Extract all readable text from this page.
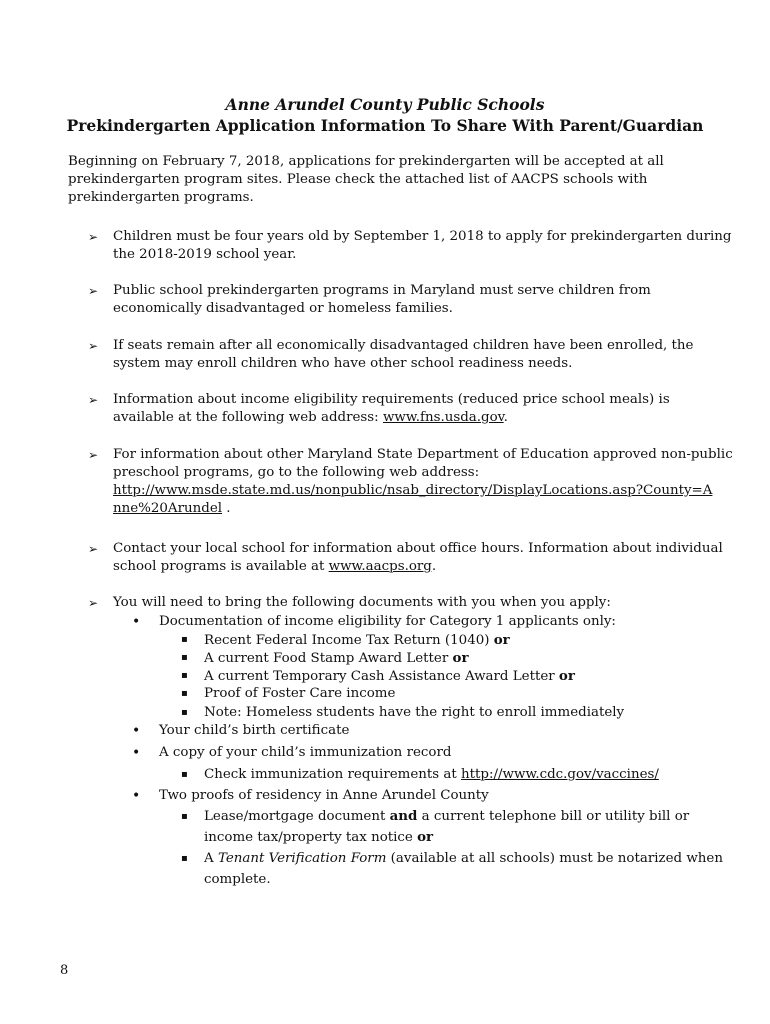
Anne Arundel County Public Schools
Prekindergarten Application Information To Share With Parent/Guardian
Beginning on February 7, 2018, applications for prekindergarten will be accepted at all
prekindergarten program sites. Please check the attached list of AACPS schools with
prekindergarten programs.
➢ Children must be four years old by September 1, 2018 to apply for prekindergarten during
the 2018-2019 school year.
➢ Public school prekindergarten programs in Maryland must serve children from
economically disadvantaged or homeless families.
➢ If seats remain after all economically disadvantaged children have been enrolled, the
system may enroll children who have other school readiness needs.
➢ Information about income eligibility requirements (reduced price school meals) is
available at the following web address: www.fns.usda.gov.
➢ For information about other Maryland State Department of Education approved non-public
preschool programs, go to the following web address:
http://www.msde.state.md.us/nonpublic/nsab_directory/DisplayLocations.asp?County=A
nne%20Arundel .
➢ Contact your local school for information about office hours. Information about individual
school programs is available at www.aacps.org.
➢ You will need to bring the following documents with you when you apply:
• Documentation of income eligibility for Category 1 applicants only:
▪ Recent Federal Income Tax Return (1040) or
▪ A current Food Stamp Award Letter or
▪ A current Temporary Cash Assistance Award Letter or
▪ Proof of Foster Care income
▪ Note: Homeless students have the right to enroll immediately
• Your child’s birth certificate
• A copy of your child’s immunization record
▪ Check immunization requirements at http://www.cdc.gov/vaccines/
• Two proofs of residency in Anne Arundel County
▪ Lease/mortgage document and a current telephone bill or utility bill or
income tax/property tax notice or
▪ A Tenant Verification Form (available at all schools) must be notarized when
complete.
8
